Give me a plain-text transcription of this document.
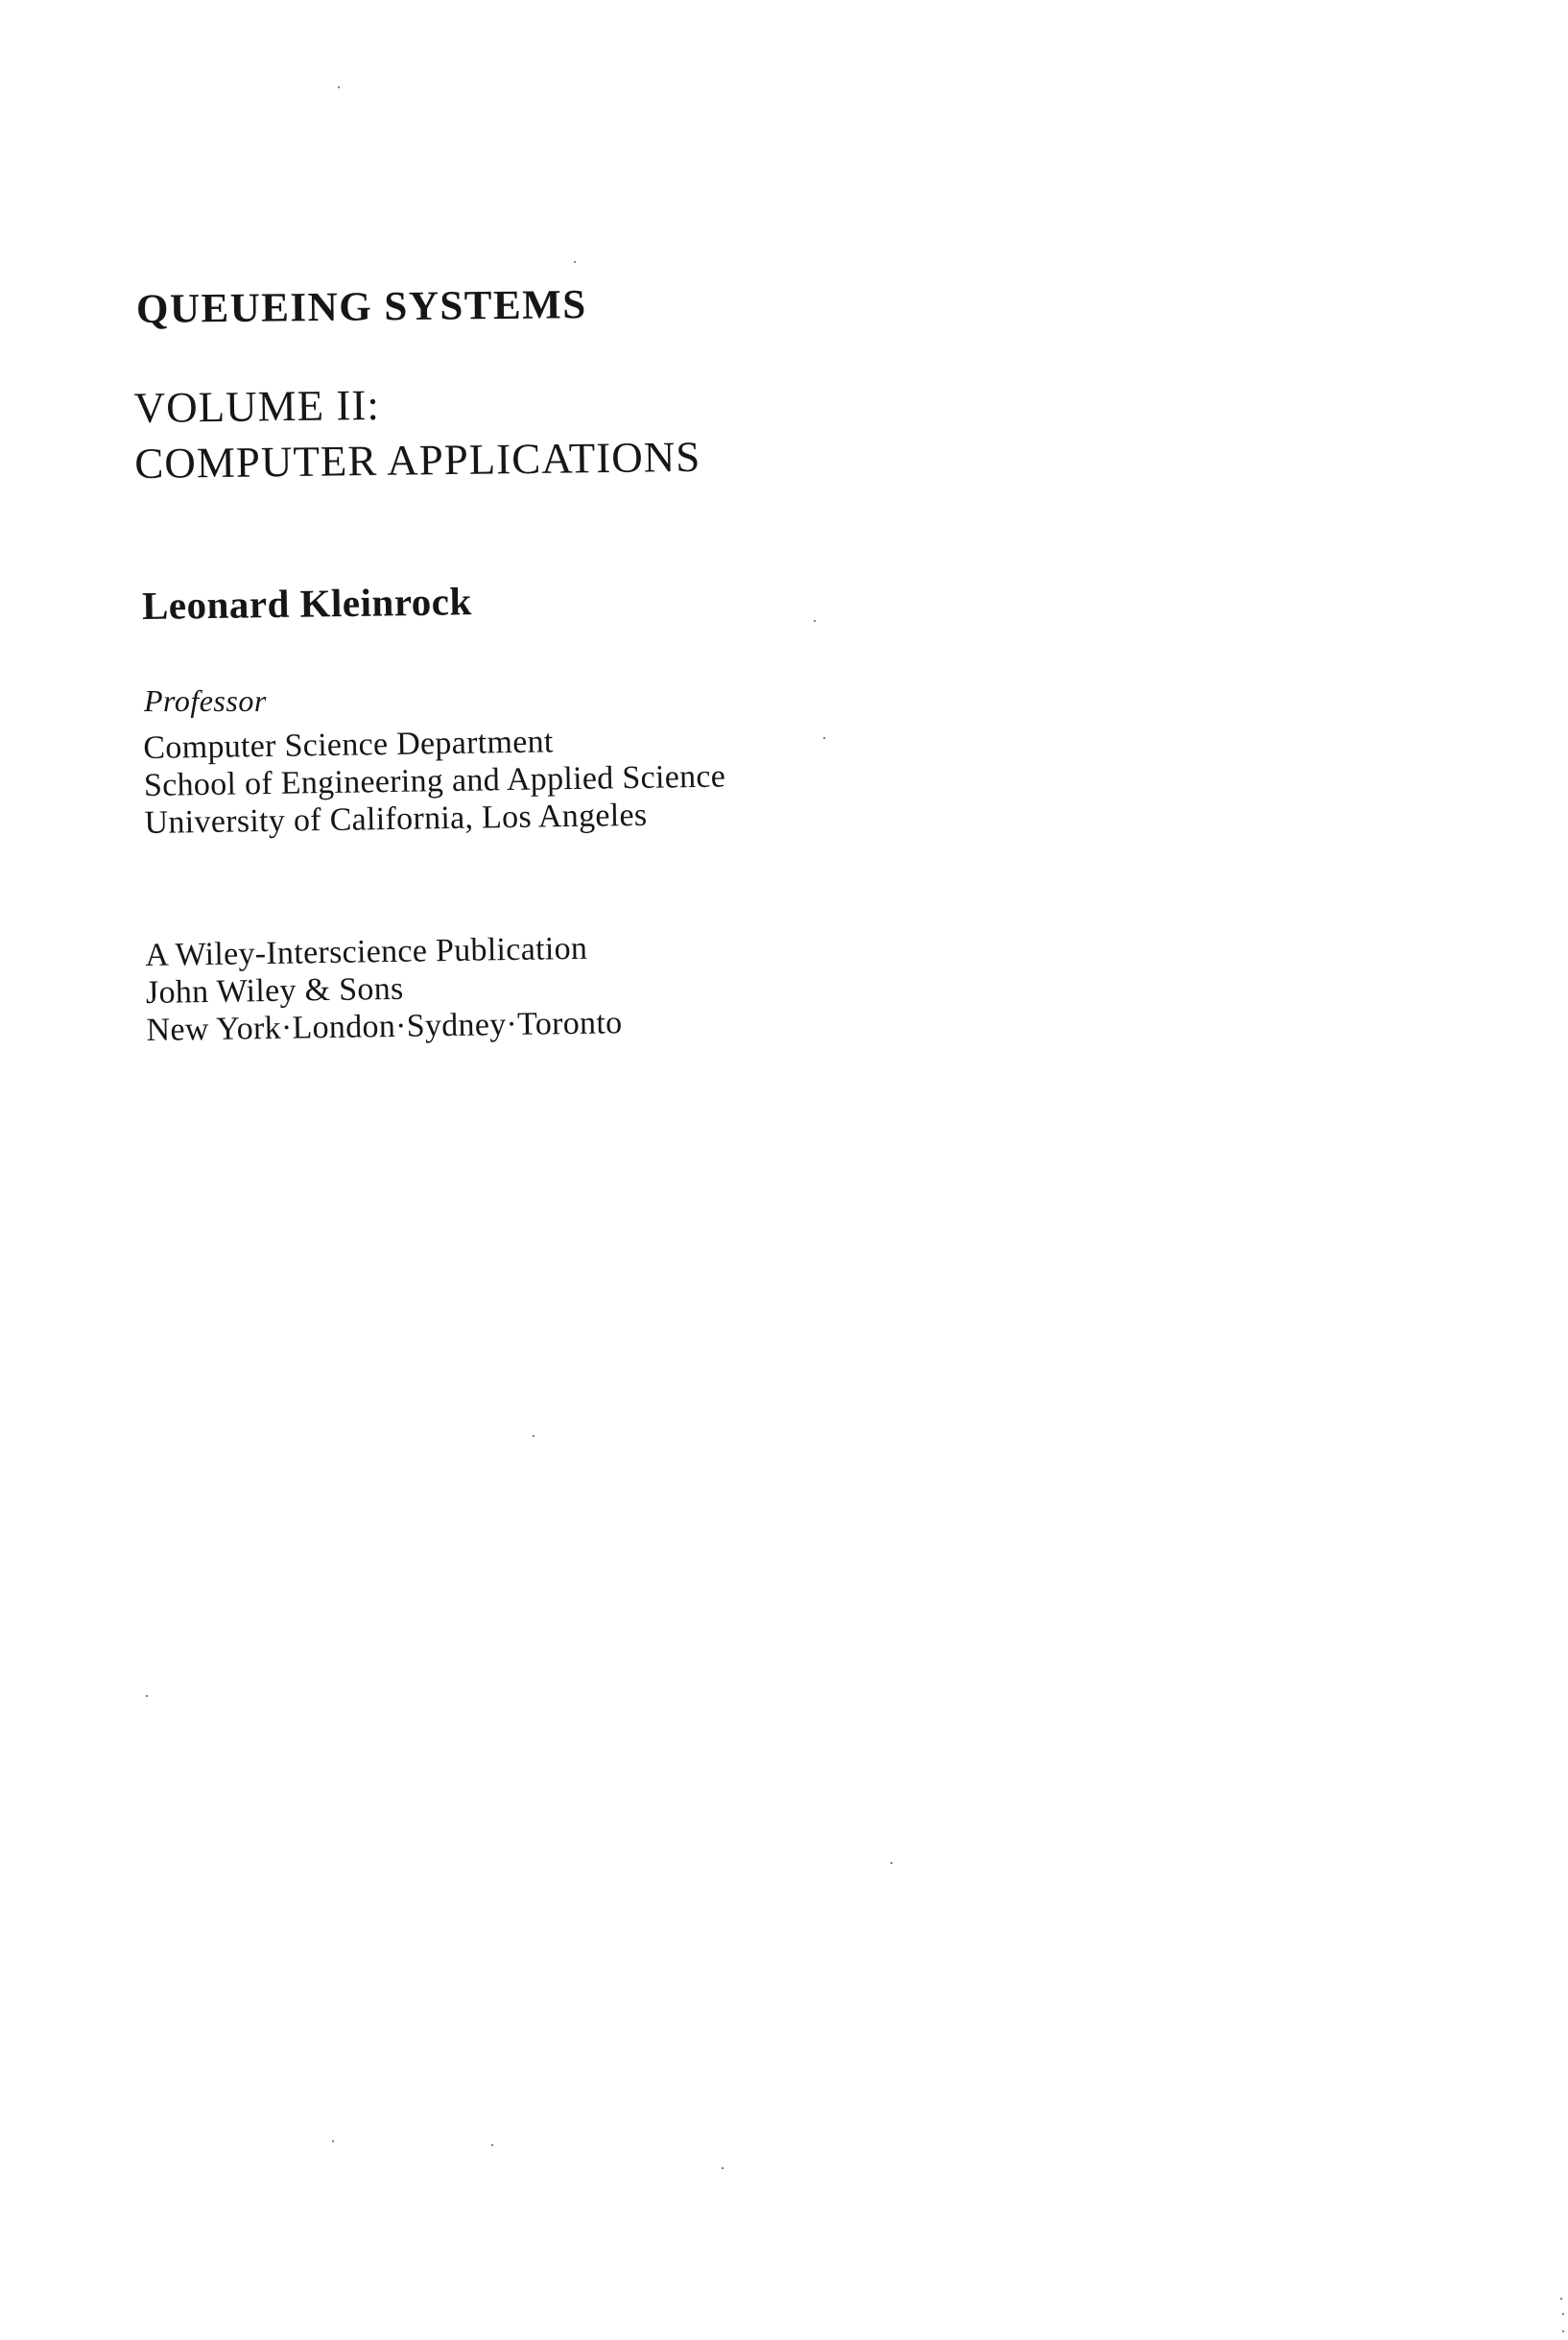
QUEUEING SYSTEMS
VOLUME II:
COMPUTER APPLICATIONS
Leonard Kleinrock
Professor
Computer Science Department
School of Engineering and Applied Science
University of California, Los Angeles
A Wiley-Interscience Publication
John Wiley & Sons
New York·London·Sydney·Toronto
